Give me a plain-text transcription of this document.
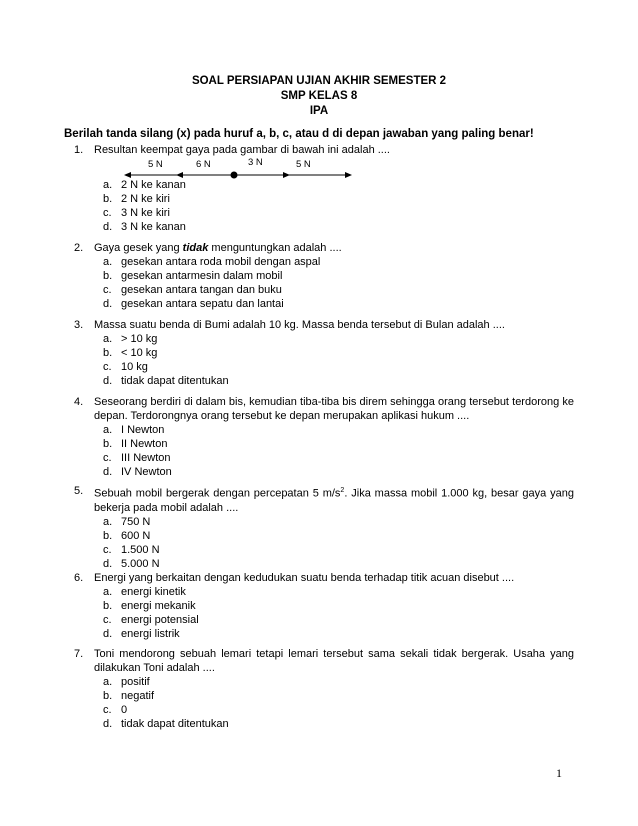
SOAL PERSIAPAN UJIAN AKHIR SEMESTER 2
SMP KELAS 8
IPA
Berilah tanda silang (x) pada huruf a, b, c, atau d di depan jawaban yang paling benar!
1. Resultan keempat gaya pada gambar di bawah ini adalah ....
5 N	6 N	3 N	5 N
a. 2 N ke kanan
b. 2 N ke kiri
c. 3 N ke kiri
d. 3 N ke kanan
2. Gaya gesek yang tidak menguntungkan adalah ....
a. gesekan antara roda mobil dengan aspal
b. gesekan antarmesin dalam mobil
c. gesekan antara tangan dan buku
d. gesekan antara sepatu dan lantai
3. Massa suatu benda di Bumi adalah 10 kg. Massa benda tersebut di Bulan adalah ....
a. > 10 kg
b. < 10 kg
c. 10 kg
d. tidak dapat ditentukan
4. Seseorang berdiri di dalam bis, kemudian tiba-tiba bis direm sehingga orang tersebut terdorong ke depan. Terdorongnya orang tersebut ke depan merupakan aplikasi hukum ....
a. I Newton
b. II Newton
c. III Newton
d. IV Newton
5. Sebuah mobil bergerak dengan percepatan 5 $m/s^2$. Jika massa mobil 1.000 kg, besar gaya yang bekerja pada mobil adalah ....
a. 750 N
b. 600 N
c. 1.500 N
d. 5.000 N
6. Energi yang berkaitan dengan kedudukan suatu benda terhadap titik acuan disebut ....
a. energi kinetik
b. energi mekanik
c. energi potensial
d. energi listrik
7. Toni mendorong sebuah lemari tetapi lemari tersebut sama sekali tidak bergerak. Usaha yang dilakukan Toni adalah ....
a. positif
b. negatif
c. 0
d. tidak dapat ditentukan
1
